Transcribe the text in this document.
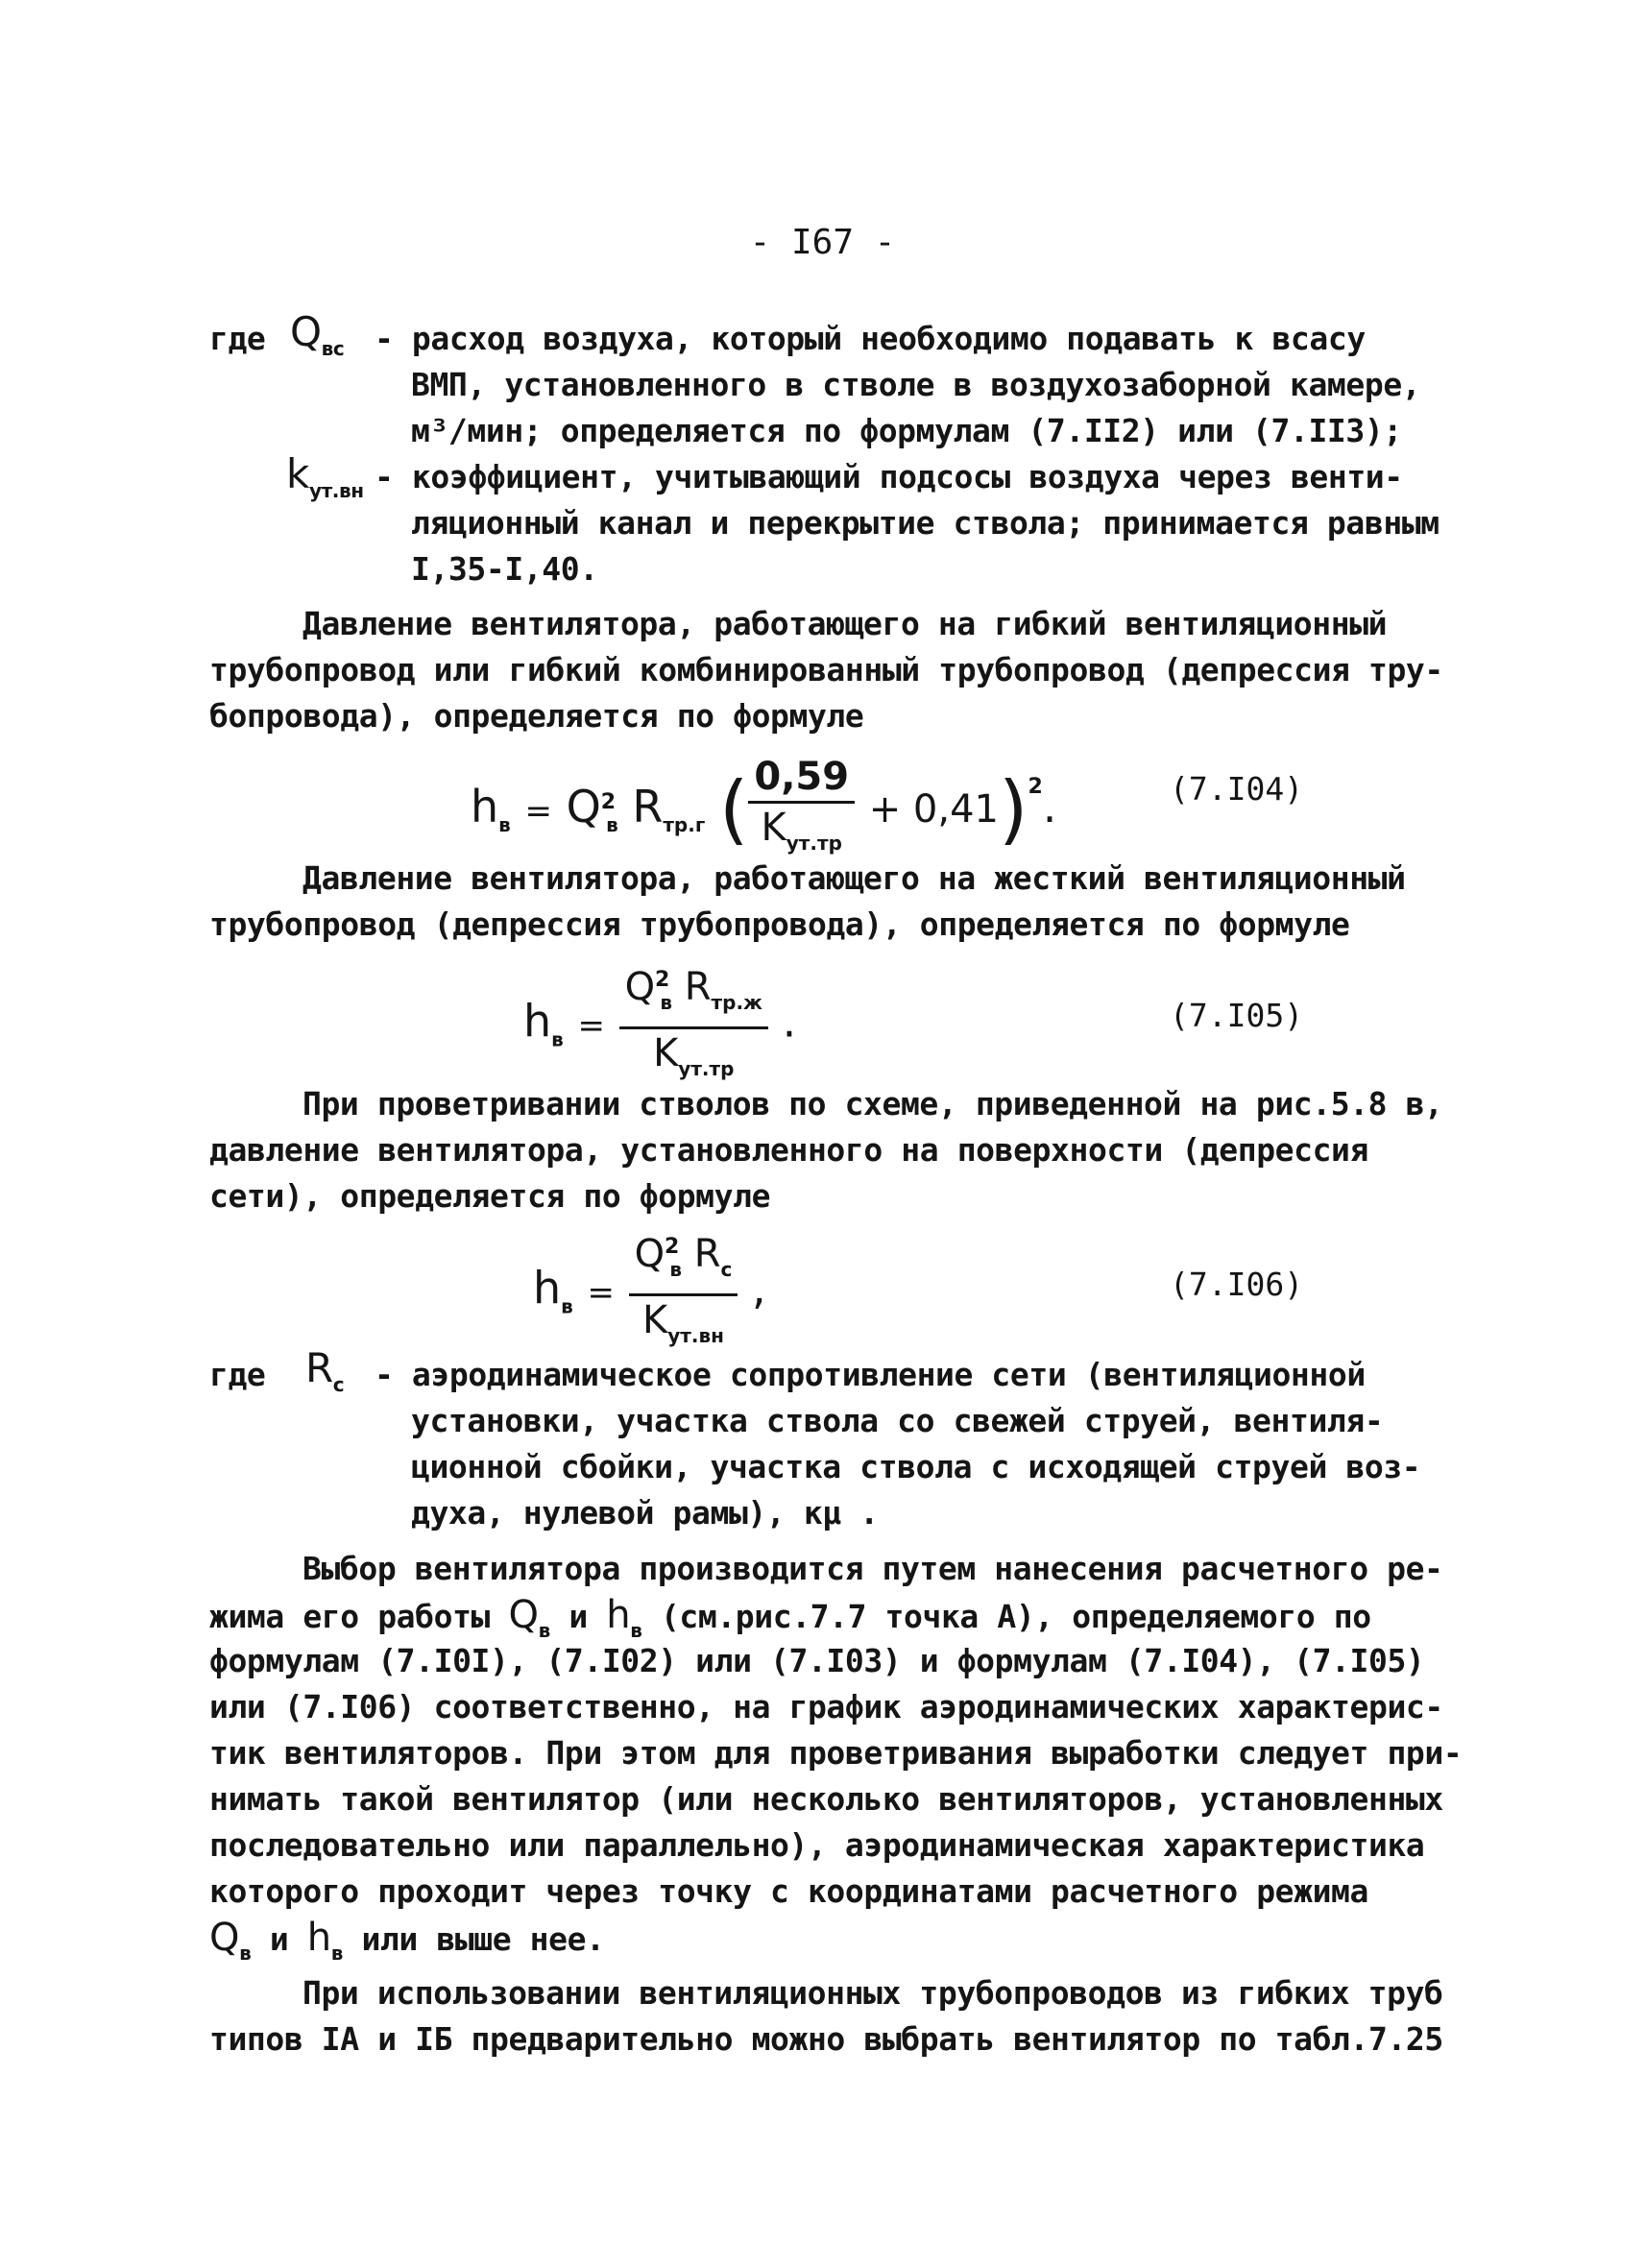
- I67 -
где $Q_{вс}$ - расход воздуха, который необходимо подавать к всасу
ВМП, установленного в стволе в воздухозаборной камере,
м³/мин; определяется по формулам (7.II2) или (7.II3);
$k_{ут.вн}$ - коэффициент, учитывающий подсосы воздуха через венти-
ляционный канал и перекрытие ствола; принимается равным
I,35-I,40.
Давление вентилятора, работающего на гибкий вентиляционный
трубопровод или гибкий комбинированный трубопровод (депрессия тру-
бопровода), определяется по формуле
$h_в = Q^2_в$ $R_{тр.г}$ ( $\frac{0,59}{K_{ут.тр}} + 0,41)^2$.	(7.I04)
Давление вентилятора, работающего на жесткий вентиляционный
трубопровод (депрессия трубопровода), определяется по формуле
$h_в = \frac{Q^2_в R_{тр.ж}}{K_{ут.тр}}$ .	(7.I05)
При проветривании стволов по схеме, приведенной на рис.5.8 в,
давление вентилятора, установленного на поверхности (депрессия
сети), определяется по формуле
$h_в = \frac{Q^2_в R_с}{K_{ут.вн}}$ ,	(7.I06)
где $R_с$ - аэродинамическое сопротивление сети (вентиляционной
установки, участка ствола со свежей струей, вентиля-
ционной сбойки, участка ствола с исходящей струей воз-
духа, нулевой рамы), кμ .
Выбор вентилятора производится путем нанесения расчетного ре-
жима его работы $Q_в$ и $h_в$ (см.рис.7.7 точка А), определяемого по
формулам (7.I0I), (7.I02) или (7.I03) и формулам (7.I04), (7.I05)
или (7.I06) соответственно, на график аэродинамических характерис-
тик вентиляторов. При этом для проветривания выработки следует при-
нимать такой вентилятор (или несколько вентиляторов, установленных
последовательно или параллельно), аэродинамическая характеристика
которого проходит через точку с координатами расчетного режима
$Q_в$ и $h_в$ или выше нее.
При использовании вентиляционных трубопроводов из гибких труб
типов IА и IБ предварительно можно выбрать вентилятор по табл.7.25
